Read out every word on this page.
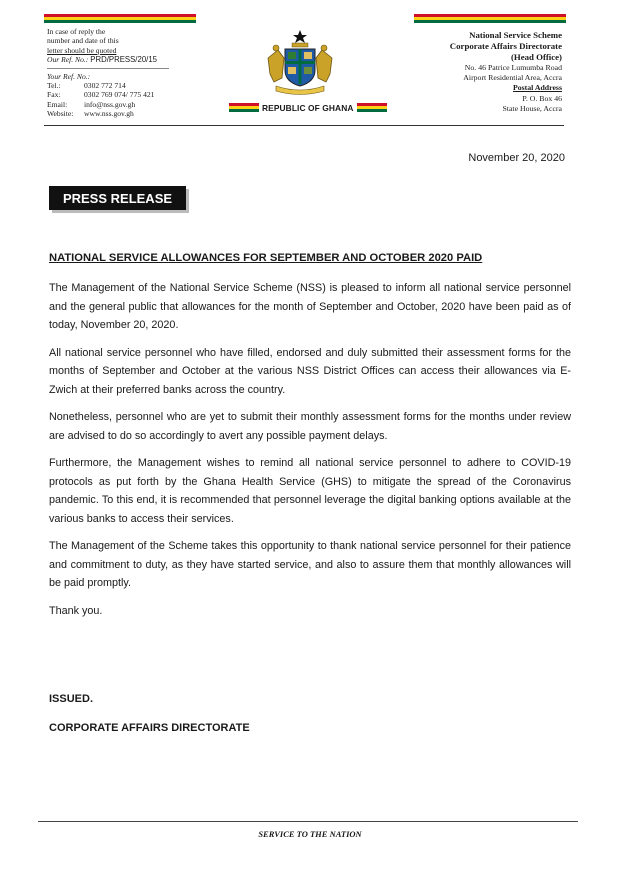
In case of reply the
number and date of this
letter should be quoted
Our Ref. No.: PRD/PRESS/20/15
Your Ref. No.:
Tel.:	0302 772 714
Fax:	0302 769 074/ 775 421
Email:	info@nss.gov.gh
Website:	www.nss.gov.gh
REPUBLIC OF GHANA
National Service Scheme
Corporate Affairs Directorate
(Head Office)
No. 46 Patrice Lumumba Road
Airport Residential Area, Accra
Postal Address
P. O. Box 46
State House, Accra
November 20, 2020
PRESS RELEASE
NATIONAL SERVICE ALLOWANCES FOR SEPTEMBER AND OCTOBER 2020 PAID

The Management of the National Service Scheme (NSS) is pleased to inform all national service personnel and the general public that allowances for the month of September and October, 2020 have been paid as of today, November 20, 2020.

All national service personnel who have filled, endorsed and duly submitted their assessment forms for the months of September and October at the various NSS District Offices can access their allowances via E-Zwich at their preferred banks across the country.

Nonetheless, personnel who are yet to submit their monthly assessment forms for the months under review are advised to do so accordingly to avert any possible payment delays.

Furthermore, the Management wishes to remind all national service personnel to adhere to COVID-19 protocols as put forth by the Ghana Health Service (GHS) to mitigate the spread of the Coronavirus pandemic. To this end, it is recommended that personnel leverage the digital banking options available at the various banks to access their services.

The Management of the Scheme takes this opportunity to thank national service personnel for their patience and commitment to duty, as they have started service, and also to assure them that monthly allowances will be paid promptly.

Thank you.

ISSUED.
CORPORATE AFFAIRS DIRECTORATE
SERVICE TO THE NATION
